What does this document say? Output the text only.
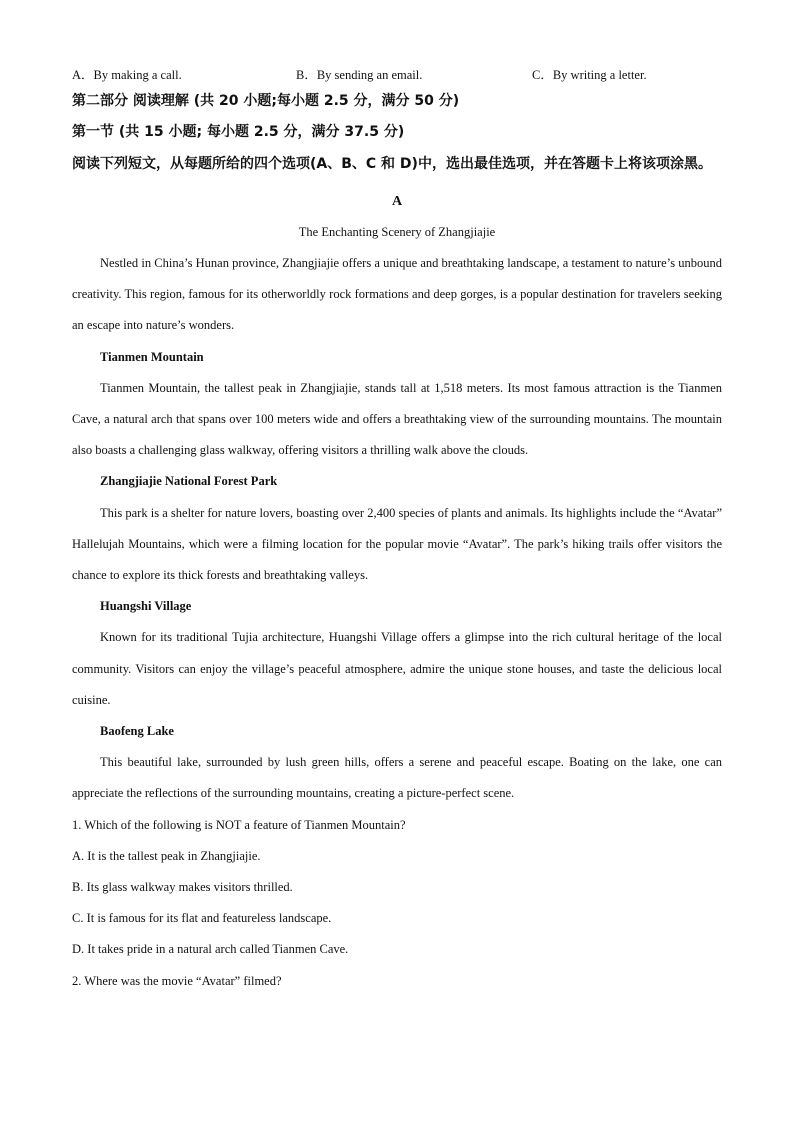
A．By making a call.	B．By sending an email.	C．By writing a letter.

第二部分 阅读理解 (共 20 小题;每小题 2.5 分，满分 50 分)

第一节 (共 15 小题; 每小题 2.5 分，满分 37.5 分)

阅读下列短文，从每题所给的四个选项(A、B、C 和 D)中，选出最佳选项，并在答题卡上将该项涂黑。

A

The Enchanting Scenery of Zhangjiajie

Nestled in China’s Hunan province, Zhangjiajie offers a unique and breathtaking landscape, a testament to nature’s unbound creativity. This region, famous for its otherworldly rock formations and deep gorges, is a popular destination for travelers seeking an escape into nature’s wonders.

Tianmen Mountain

Tianmen Mountain, the tallest peak in Zhangjiajie, stands tall at 1,518 meters. Its most famous attraction is the Tianmen Cave, a natural arch that spans over 100 meters wide and offers a breathtaking view of the surrounding mountains. The mountain also boasts a challenging glass walkway, offering visitors a thrilling walk above the clouds.

Zhangjiajie National Forest Park

This park is a shelter for nature lovers, boasting over 2,400 species of plants and animals. Its highlights include the “Avatar” Hallelujah Mountains, which were a filming location for the popular movie “Avatar”. The park’s hiking trails offer visitors the chance to explore its thick forests and breathtaking valleys.

Huangshi Village

Known for its traditional Tujia architecture, Huangshi Village offers a glimpse into the rich cultural heritage of the local community. Visitors can enjoy the village’s peaceful atmosphere, admire the unique stone houses, and taste the delicious local cuisine.

Baofeng Lake

This beautiful lake, surrounded by lush green hills, offers a serene and peaceful escape. Boating on the lake, one can appreciate the reflections of the surrounding mountains, creating a picture-perfect scene.

1. Which of the following is NOT a feature of Tianmen Mountain?

A. It is the tallest peak in Zhangjiajie.

B. Its glass walkway makes visitors thrilled.

C. It is famous for its flat and featureless landscape.

D. It takes pride in a natural arch called Tianmen Cave.

2. Where was the movie “Avatar” filmed?
